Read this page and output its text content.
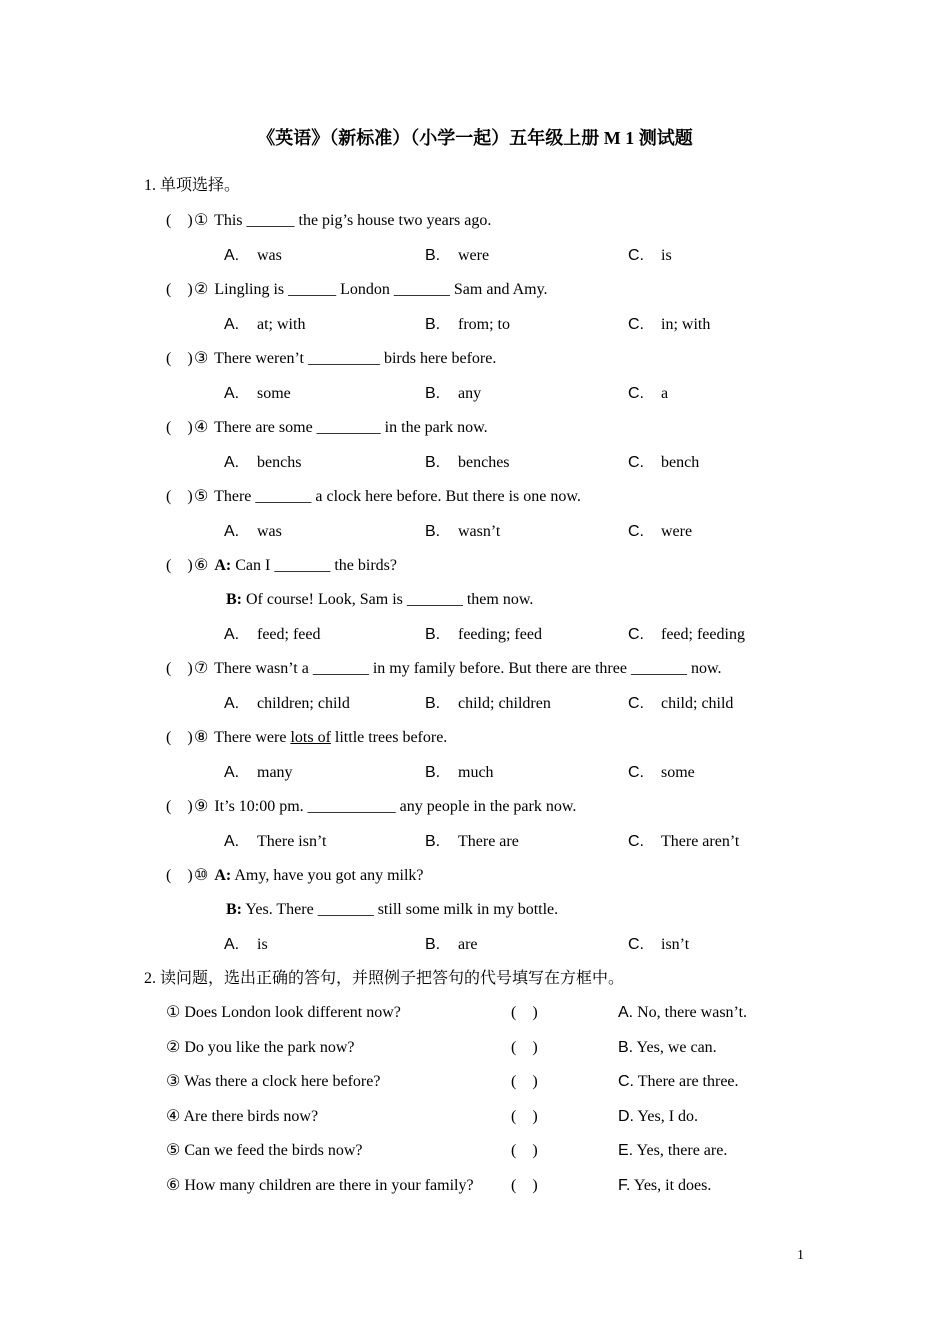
《英语》（新标准）（小学一起）五年级上册 M 1 测试题
1. 单项选择。
(　)① This ______ the pig’s house two years ago.
A. was	B. were	C. is
(　)② Lingling is ______ London _______ Sam and Amy.
A. at; with	B. from; to	C. in; with
(　)③ There weren’t _________ birds here before.
A. some	B. any	C. a
(　)④ There are some ________ in the park now.
A. benchs	B. benches	C. bench
(　)⑤ There _______ a clock here before. But there is one now.
A. was	B. wasn’t	C. were
(　)⑥ A: Can I _______ the birds?
B: Of course! Look, Sam is _______ them now.
A. feed; feed	B. feeding; feed	C. feed; feeding
(　)⑦ There wasn’t a _______ in my family before. But there are three _______ now.
A. children; child	B. child; children	C. child; child
(　)⑧ There were lots of little trees before.
A. many	B. much	C. some
(　)⑨ It’s 10:00 pm. ___________ any people in the park now.
A. There isn’t	B. There are	C. There aren’t
(　)⑩ A: Amy, have you got any milk?
B: Yes. There _______ still some milk in my bottle.
A. is	B. are	C. isn’t
2. 读问题，选出正确的答句，并照例子把答句的代号填写在方框中。
① Does London look different now?	(　)	A. No, there wasn’t.
② Do you like the park now?	(　)	B. Yes, we can.
③ Was there a clock here before?	(　)	C. There are three.
④ Are there birds now?	(　)	D. Yes, I do.
⑤ Can we feed the birds now?	(　)	E. Yes, there are.
⑥ How many children are there in your family? (　)	F. Yes, it does.
1
